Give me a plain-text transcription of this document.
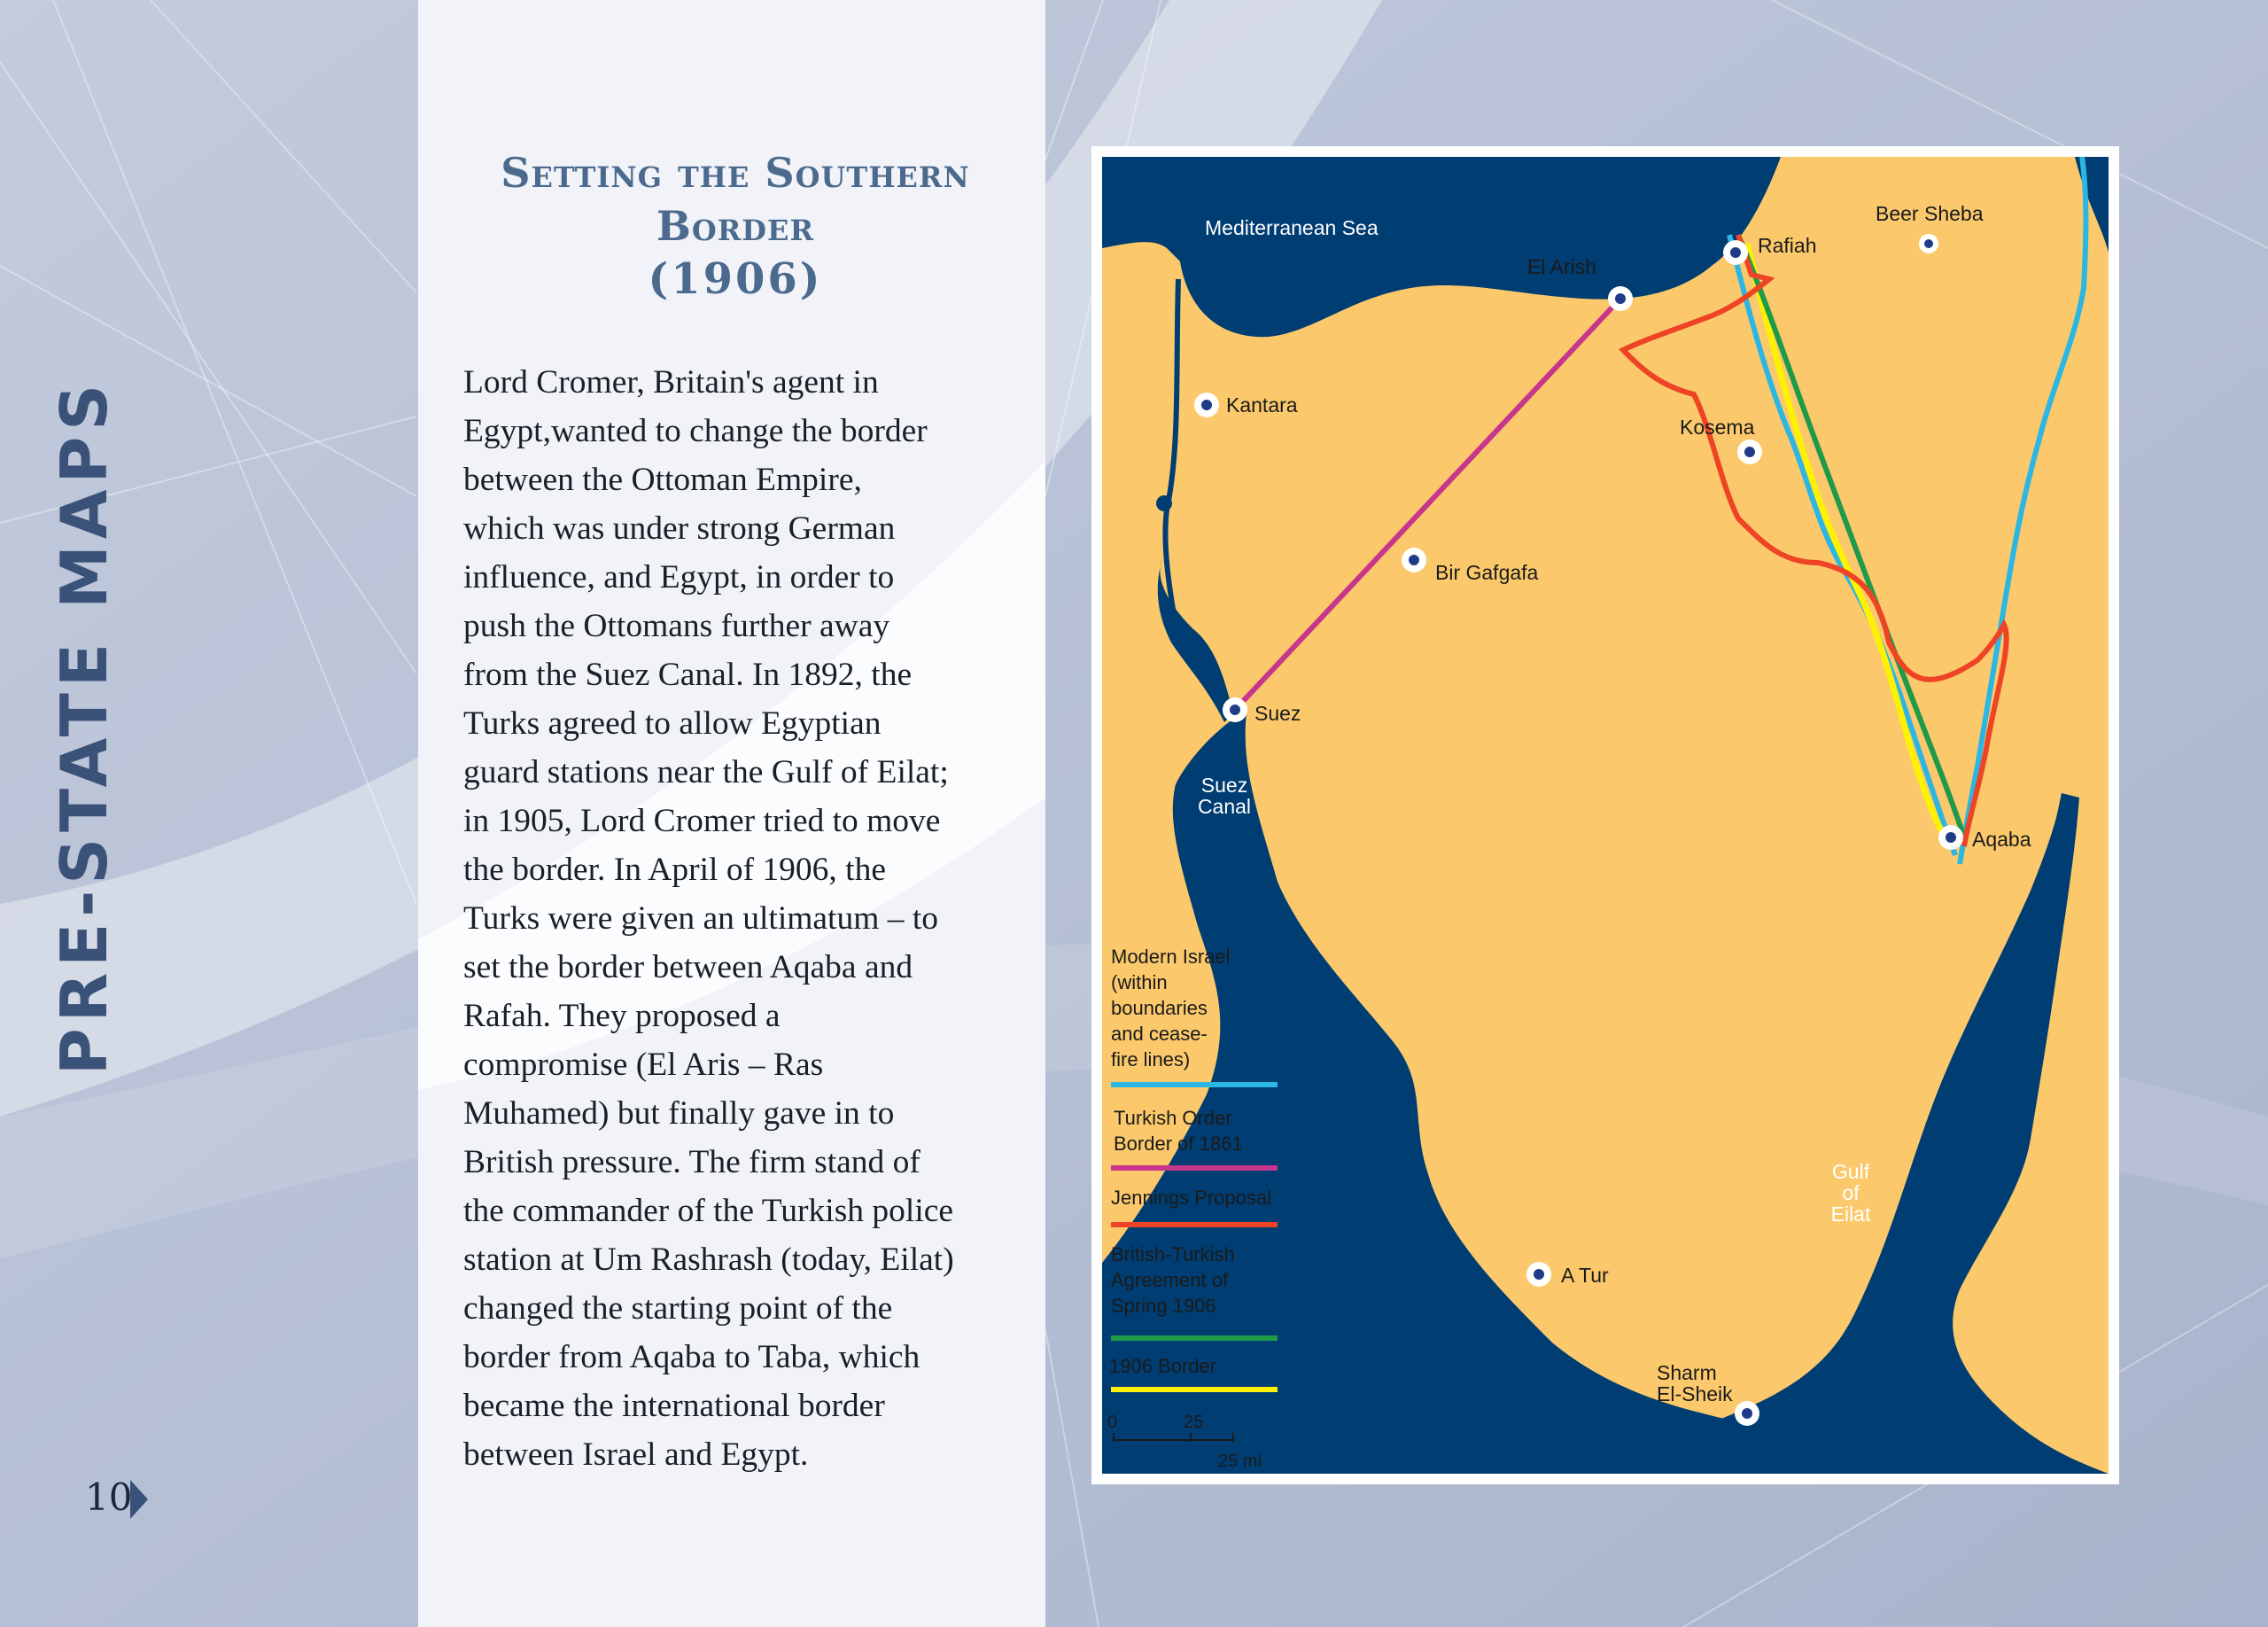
PRE-STATE MAPS
10
Setting the Southern
Border
(1906)
Lord Cromer, Britain's agent in
Egypt,wanted to change the border
between the Ottoman Empire,
which was under strong German
influence, and Egypt, in order to
push the Ottomans further away
from the Suez Canal. In 1892, the
Turks agreed to allow Egyptian
guard stations near the Gulf of Eilat;
in 1905, Lord Cromer tried to move
the border. In April of 1906, the
Turks were given an ultimatum – to
set the border between Aqaba and
Rafah. They proposed a
compromise (El Aris – Ras
Muhamed) but finally gave in to
British pressure. The firm stand of
the commander of the Turkish police
station at Um Rashrash (today, Eilat)
changed the starting point of the
border from Aqaba to Taba, which
became the international border
between Israel and Egypt.
Mediterranean Sea
Suez
Canal
Gulf
of
Eilat
El Arish
Rafiah
Beer Sheba
Kantara
Kosema
Bir Gafgafa
Suez
Aqaba
A Tur
Sharm
El-Sheik
Modern Israel
(within
boundaries
and cease-
fire lines)
Turkish Order
Border of 1861
Jennings Proposal
British-Turkish
Agreement of
Spring 1906
1906 Border
0	25
25 mi
